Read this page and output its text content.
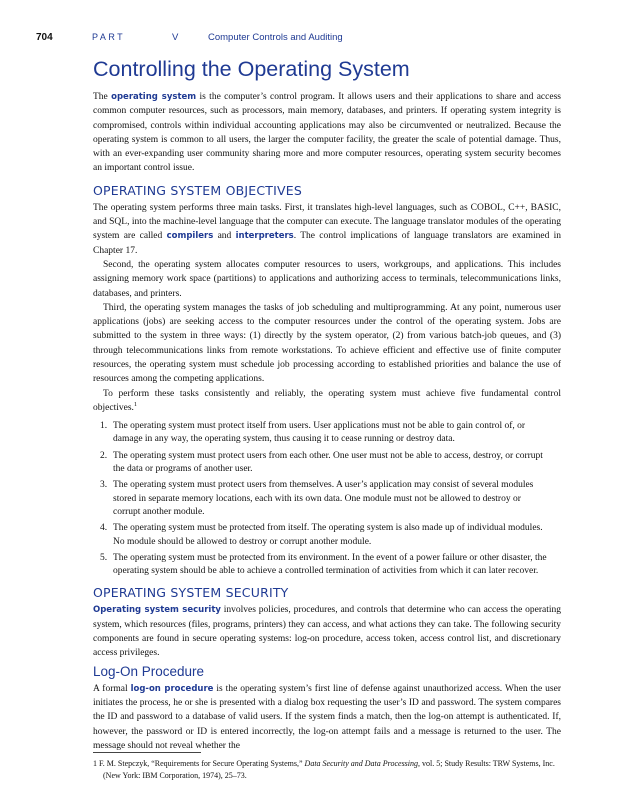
704	PART	V	Computer Controls and Auditing
Controlling the Operating System

The operating system is the computer’s control program. It allows users and their applications to share and access common computer resources, such as processors, main memory, databases, and printers. If operating system integrity is compromised, controls within individual accounting applications may also be circumvented or neutralized. Because the operating system is common to all users, the larger the computer facility, the greater the scale of potential damage. Thus, with an ever-expanding user community sharing more and more computer resources, operating system security becomes an important control issue.

OPERATING SYSTEM OBJECTIVES

The operating system performs three main tasks. First, it translates high-level languages, such as COBOL, C++, BASIC, and SQL, into the machine-level language that the computer can execute. The language translator modules of the operating system are called compilers and interpreters. The control implications of language translators are examined in Chapter 17.

Second, the operating system allocates computer resources to users, workgroups, and applications. This includes assigning memory work space (partitions) to applications and authorizing access to terminals, telecommunications links, databases, and printers.

Third, the operating system manages the tasks of job scheduling and multiprogramming. At any point, numerous user applications (jobs) are seeking access to the computer resources under the control of the operating system. Jobs are submitted to the system in three ways: (1) directly by the system operator, (2) from various batch-job queues, and (3) through telecommunications links from remote workstations. To achieve efficient and effective use of finite computer resources, the operating system must schedule job processing according to established priorities and balance the use of resources among the competing applications.

To perform these tasks consistently and reliably, the operating system must achieve five fundamental control objectives.$^1$

1. The operating system must protect itself from users. User applications must not be able to gain control of, or damage in any way, the operating system, thus causing it to cease running or destroy data.
2. The operating system must protect users from each other. One user must not be able to access, destroy, or corrupt the data or programs of another user.
3. The operating system must protect users from themselves. A user’s application may consist of several modules stored in separate memory locations, each with its own data. One module must not be allowed to destroy or corrupt another module.
4. The operating system must be protected from itself. The operating system is also made up of individual modules. No module should be allowed to destroy or corrupt another module.
5. The operating system must be protected from its environment. In the event of a power failure or other disaster, the operating system should be able to achieve a controlled termination of activities from which it can later recover.
OPERATING SYSTEM SECURITY

Operating system security involves policies, procedures, and controls that determine who can access the operating system, which resources (files, programs, printers) they can access, and what actions they can take. The following security components are found in secure operating systems: log-on procedure, access token, access control list, and discretionary access privileges.

Log-On Procedure

A formal log-on procedure is the operating system’s first line of defense against unauthorized access. When the user initiates the process, he or she is presented with a dialog box requesting the user’s ID and password. The system compares the ID and password to a database of valid users. If the system finds a match, then the log-on attempt is authenticated. If, however, the password or ID is entered incorrectly, the log-on attempt fails and a message is returned to the user. The message should not reveal whether the

1 F. M. Stepczyk, “Requirements for Secure Operating Systems,” Data Security and Data Processing, vol. 5; Study Results: TRW Systems, Inc. (New York: IBM Corporation, 1974), 25–73.
